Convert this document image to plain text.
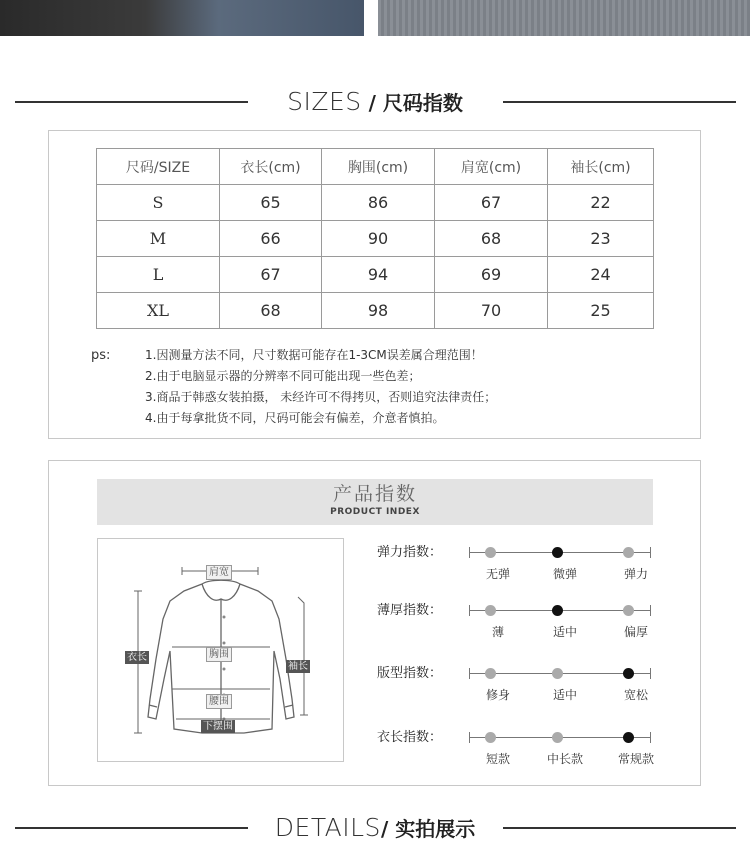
SIZES / 尺码指数
尺码/SIZE	衣长(cm)	胸围(cm)	肩宽(cm)	袖长(cm)
S	65	86	67	22
M	66	90	68	23
L	67	94	69	24
XL	68	98	70	25
ps:	1.因测量方法不同，尺寸数据可能存在1-3CM误差属合理范围！
2.由于电脑显示器的分辨率不同可能出现一些色差；
3.商品于韩惑女装拍摄， 未经许可不得拷贝，否则追究法律责任；
4.由于每拿批货不同，尺码可能会有偏差，介意者慎拍。
产品指数
PRODUCT INDEX
肩宽
衣长	胸围
袖长
腰围
下摆围
弹力指数：
无弹	微弹	弹力
薄厚指数：
薄	适中	偏厚
版型指数：
修身	适中	宽松
衣长指数：
短款	中长款	常规款
DETAILS/ 实拍展示
